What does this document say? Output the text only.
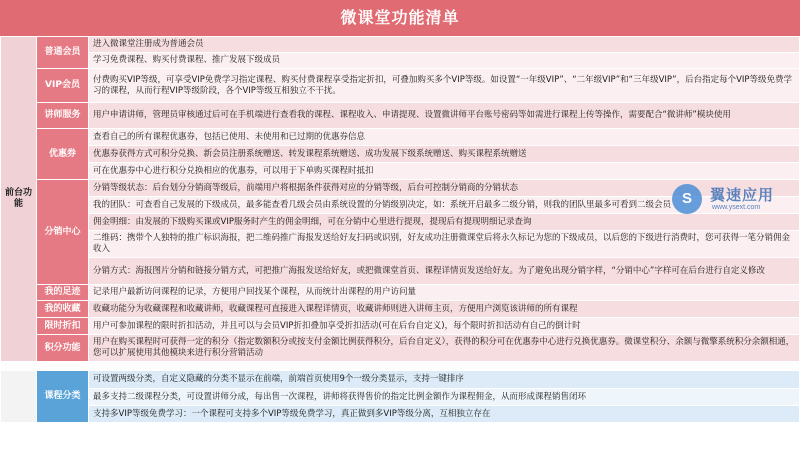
微课堂功能清单
前台功能	普通会员	进入微课堂注册成为普通会员
		学习免费课程、购买付费课程、推广发展下级成员
	VIP会员	付费购买VIP等级，可享受VIP免费学习指定课程、购买付费课程享受指定折扣，可叠加购买多个VIP等级。如设置“一年级VIP”、“二年级VIP”和“三年级VIP”，后台指定每个VIP等级免费学习的课程，从而行程VIP等级阶段，各个VIP等级互相独立不干扰。
	讲师服务	用户申请讲师，管理员审核通过后可在手机端进行查看我的课程、课程收入、申请提现、设置微讲师平台账号密码等如需进行课程上传等操作，需要配合“微讲师”模块使用
	优惠券	查看自己的所有课程优惠券，包括已使用、未使用和已过期的优惠券信息
		优惠券获得方式可积分兑换、新会员注册系统赠送、转发课程系统赠送、成功发展下级系统赠送、购买课程系统赠送
		可在优惠券中心进行积分兑换相应的优惠券，可以用于下单购买课程时抵扣
	分销中心	分销等级状态：后台划分分销商等级后，前端用户将根据条件获得对应的分销等级，后台可控制分销商的分销状态
		我的团队：可查看自己发展的下级成员，最多能查看几级会员由系统设置的分销级别决定，如：系统开启最多二级分销，则我的团队里最多可看到二级会员
		佣金明细：由发展的下级购买课或VIP服务时产生的佣金明细，可在分销中心里进行提现，提现后有提现明细记录查询
		二维码：携带个人独特的推广标识海报，把二维码推广海报发送给好友扫码或识别，好友成功注册微课堂后将永久标记为您的下级成员，以后您的下级进行消费时，您可获得一笔分销佣金收入
		分销方式：海报图片分销和链接分销方式，可把推广海报发送给好友，或把微课堂首页、课程详情页发送给好友。为了避免出现分销字样，“分销中心”字样可在后台进行自定义修改
	我的足迹	记录用户最新访问课程的记录，方便用户回找某个课程，从而统计出课程的用户访问量
	我的收藏	收藏功能分为收藏课程和收藏讲师，收藏课程可直接进入课程详情页，收藏讲师则进入讲师主页，方便用户浏览该讲师的所有课程
	限时折扣	用户可参加课程的限时折扣活动，并且可以与会员VIP折扣叠加享受折扣活动(可在后台自定义)，每个限时折扣活动有自己的倒计时
	积分功能	用户在购买课程时可获得一定的积分（指定数额积分或按支付金额比例获得积分，后台自定义），获得的积分可在优惠券中心进行兑换优惠券。微课堂积分、余额与微擎系统积分余额相通，您可以扩展使用其他模块来进行积分营销活动

	课程分类	可设置两级分类，自定义隐藏的分类不显示在前端，前端首页使用9个一级分类显示，支持一键排序
		最多支持二级课程分类，可设置讲师分成，每出售一次课程，讲师将获得售价的指定比例金额作为课程佣金，从而形成课程销售闭环
		支持多VIP等级免费学习：一个课程可支持多个VIP等级免费学习，真正做到多VIP等级分离，互相独立存在
S	翼速应用
www.ysext.com
